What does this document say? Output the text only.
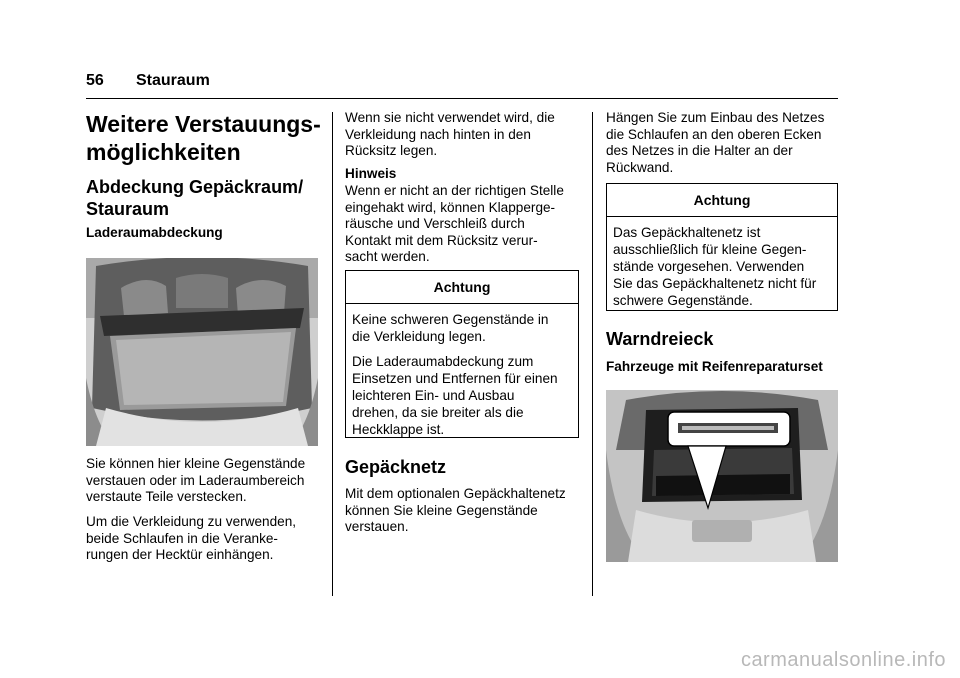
56 Stauraum
Weitere Verstauungs-
möglichkeiten
Abdeckung Gepäckraum/
Stauraum
Laderaumabdeckung

Sie können hier kleine Gegenstände

verstauen oder im Laderaumbereich

verstaute Teile verstecken.

Um die Verkleidung zu verwenden,

beide Schlaufen in die Veranke-

rungen der Hecktür einhängen.

Wenn sie nicht verwendet wird, die

Verkleidung nach hinten in den

Rücksitz legen.

Hinweis

Wenn er nicht an der richtigen Stelle

eingehakt wird, können Klapperge-

räusche und Verschleiß durch

Kontakt mit dem Rücksitz verur-

sacht werden.

Achtung

Keine schweren Gegenstände in
die Verkleidung legen.

Die Laderaumabdeckung zum
Einsetzen und Entfernen für einen
leichteren Ein- und Ausbau
drehen, da sie breiter als die
Heckklappe ist.

Gepäcknetz

Mit dem optionalen Gepäckhaltenetz

können Sie kleine Gegenstände

verstauen.

Hängen Sie zum Einbau des Netzes

die Schlaufen an den oberen Ecken

des Netzes in die Halter an der

Rückwand.

Achtung

Das Gepäckhaltenetz ist
ausschließlich für kleine Gegen-
stände vorgesehen. Verwenden
Sie das Gepäckhaltenetz nicht für
schwere Gegenstände.

Warndreieck
Fahrzeuge mit Reifenreparaturset
carmanualsonline.info
